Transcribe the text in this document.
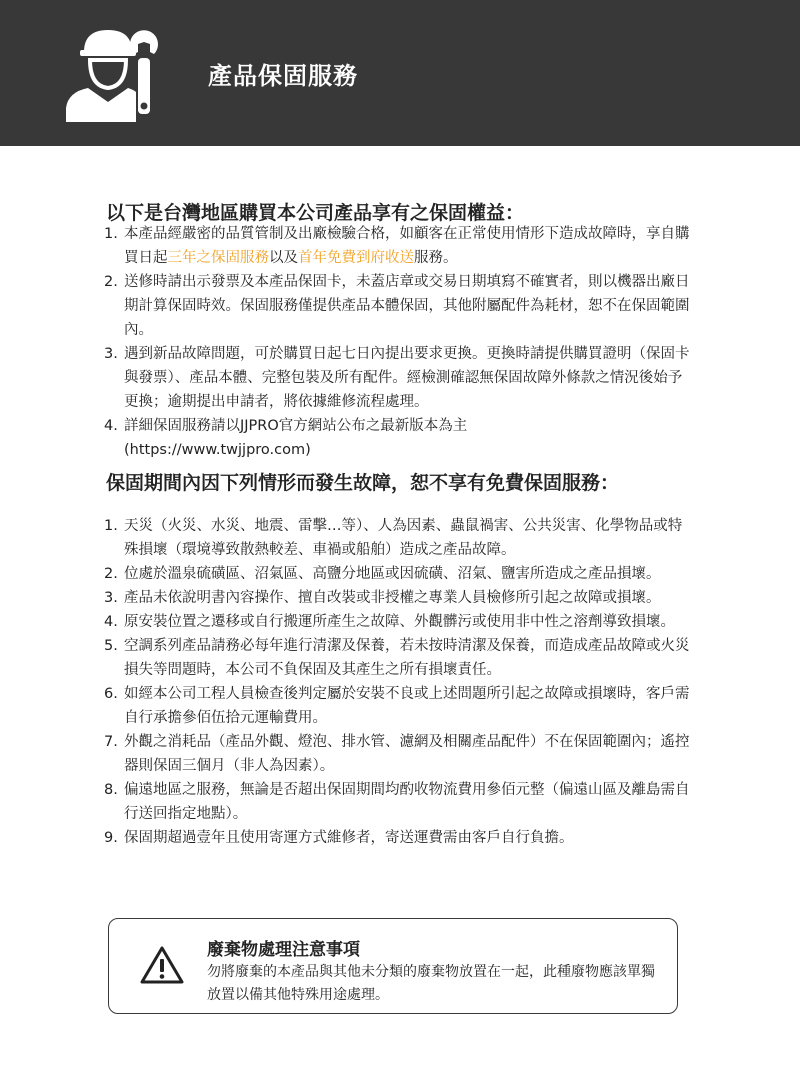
產品保固服務
以下是台灣地區購買本公司產品享有之保固權益：
1. 本產品經嚴密的品質管制及出廠檢驗合格，如顧客在正常使用情形下造成故障時，享自購買日起三年之保固服務以及首年免費到府收送服務。
2. 送修時請出示發票及本產品保固卡，未蓋店章或交易日期填寫不確實者，則以機器出廠日期計算保固時效。保固服務僅提供產品本體保固，其他附屬配件為耗材，恕不在保固範圍內。
3. 遇到新品故障問題，可於購買日起七日內提出要求更換。更換時請提供購買證明（保固卡與發票）、產品本體、完整包裝及所有配件。經檢測確認無保固故障外條款之情況後始予更換；逾期提出申請者，將依據維修流程處理。
4. 詳細保固服務請以JJPRO官方網站公布之最新版本為主
(https://www.twjjpro.com)
保固期間內因下列情形而發生故障，恕不享有免費保固服務：
1. 天災（火災、水災、地震、雷擊…等）、人為因素、蟲鼠禍害、公共災害、化學物品或特殊損壞（環境導致散熱較差、車禍或船舶）造成之產品故障。
2. 位處於溫泉硫磺區、沼氣區、高鹽分地區或因硫磺、沼氣、鹽害所造成之產品損壞。
3. 產品未依說明書內容操作、擅自改裝或非授權之專業人員檢修所引起之故障或損壞。
4. 原安裝位置之遷移或自行搬運所產生之故障、外觀髒污或使用非中性之溶劑導致損壞。
5. 空調系列產品請務必每年進行清潔及保養，若未按時清潔及保養，而造成產品故障或火災損失等問題時，本公司不負保固及其產生之所有損壞責任。
6. 如經本公司工程人員檢查後判定屬於安裝不良或上述問題所引起之故障或損壞時，客戶需自行承擔參佰伍拾元運輸費用。
7. 外觀之消耗品（產品外觀、燈泡、排水管、濾網及相關產品配件）不在保固範圍內；遙控器則保固三個月（非人為因素）。
8. 偏遠地區之服務，無論是否超出保固期間均酌收物流費用參佰元整（偏遠山區及離島需自行送回指定地點）。
9. 保固期超過壹年且使用寄運方式維修者，寄送運費需由客戶自行負擔。
廢棄物處理注意事項
勿將廢棄的本產品與其他未分類的廢棄物放置在一起，此種廢物應該單獨放置以備其他特殊用途處理。
